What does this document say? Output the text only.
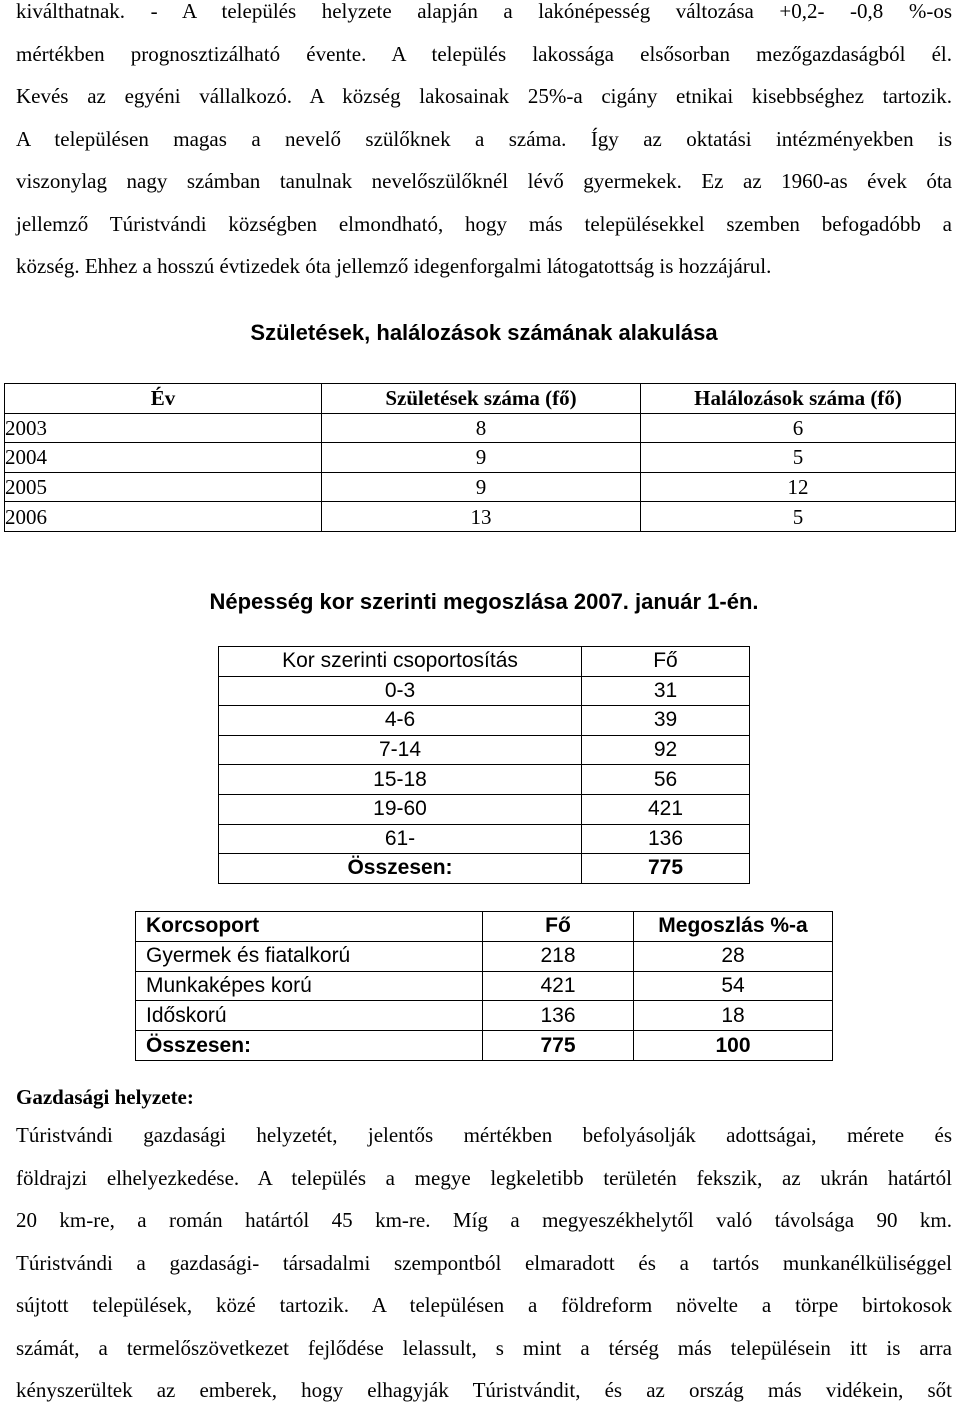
kiválthatnak. - A település helyzete alapján a lakónépesség változása +0,2- -0,8 %-os
mértékben prognosztizálható évente. A település lakossága elsősorban mezőgazdaságból él.
Kevés az egyéni vállalkozó. A község lakosainak 25%-a cigány etnikai kisebbséghez tartozik.
A településen magas a nevelő szülőknek a száma. Így az oktatási intézményekben is
viszonylag nagy számban tanulnak nevelőszülőknél lévő gyermekek. Ez az 1960-as évek óta
jellemző Túristvándi községben elmondható, hogy más településekkel szemben befogadóbb a
község. Ehhez a hosszú évtizedek óta jellemző idegenforgalmi látogatottság is hozzájárul.
Születések, halálozások számának alakulása
Év	Születések száma (fő)	Halálozások száma (fő)
2003	8	6
2004	9	5
2005	9	12
2006	13	5
Népesség kor szerinti megoszlása 2007. január 1-én.
Kor szerinti csoportosítás	Fő
0-3	31
4-6	39
7-14	92
15-18	56
19-60	421
61-	136
Összesen:	775
Korcsoport	Fő	Megoszlás %-a
Gyermek és fiatalkorú	218	28
Munkaképes korú	421	54
Időskorú	136	18
Összesen:	775	100
Gazdasági helyzete:
Túristvándi gazdasági helyzetét, jelentős mértékben befolyásolják adottságai, mérete és
földrajzi elhelyezkedése. A település a megye legkeletibb területén fekszik, az ukrán határtól
20 km-re, a román határtól 45 km-re. Míg a megyeszékhelytől való távolsága 90 km.
Túristvándi a gazdasági- társadalmi szempontból elmaradott és a tartós munkanélküliséggel
sújtott települések, közé tartozik. A településen a földreform növelte a törpe birtokosok
számát, a termelőszövetkezet fejlődése lelassult, s mint a térség más településein itt is arra
kényszerültek az emberek, hogy elhagyják Túristvándit, és az ország más vidékein, sőt
